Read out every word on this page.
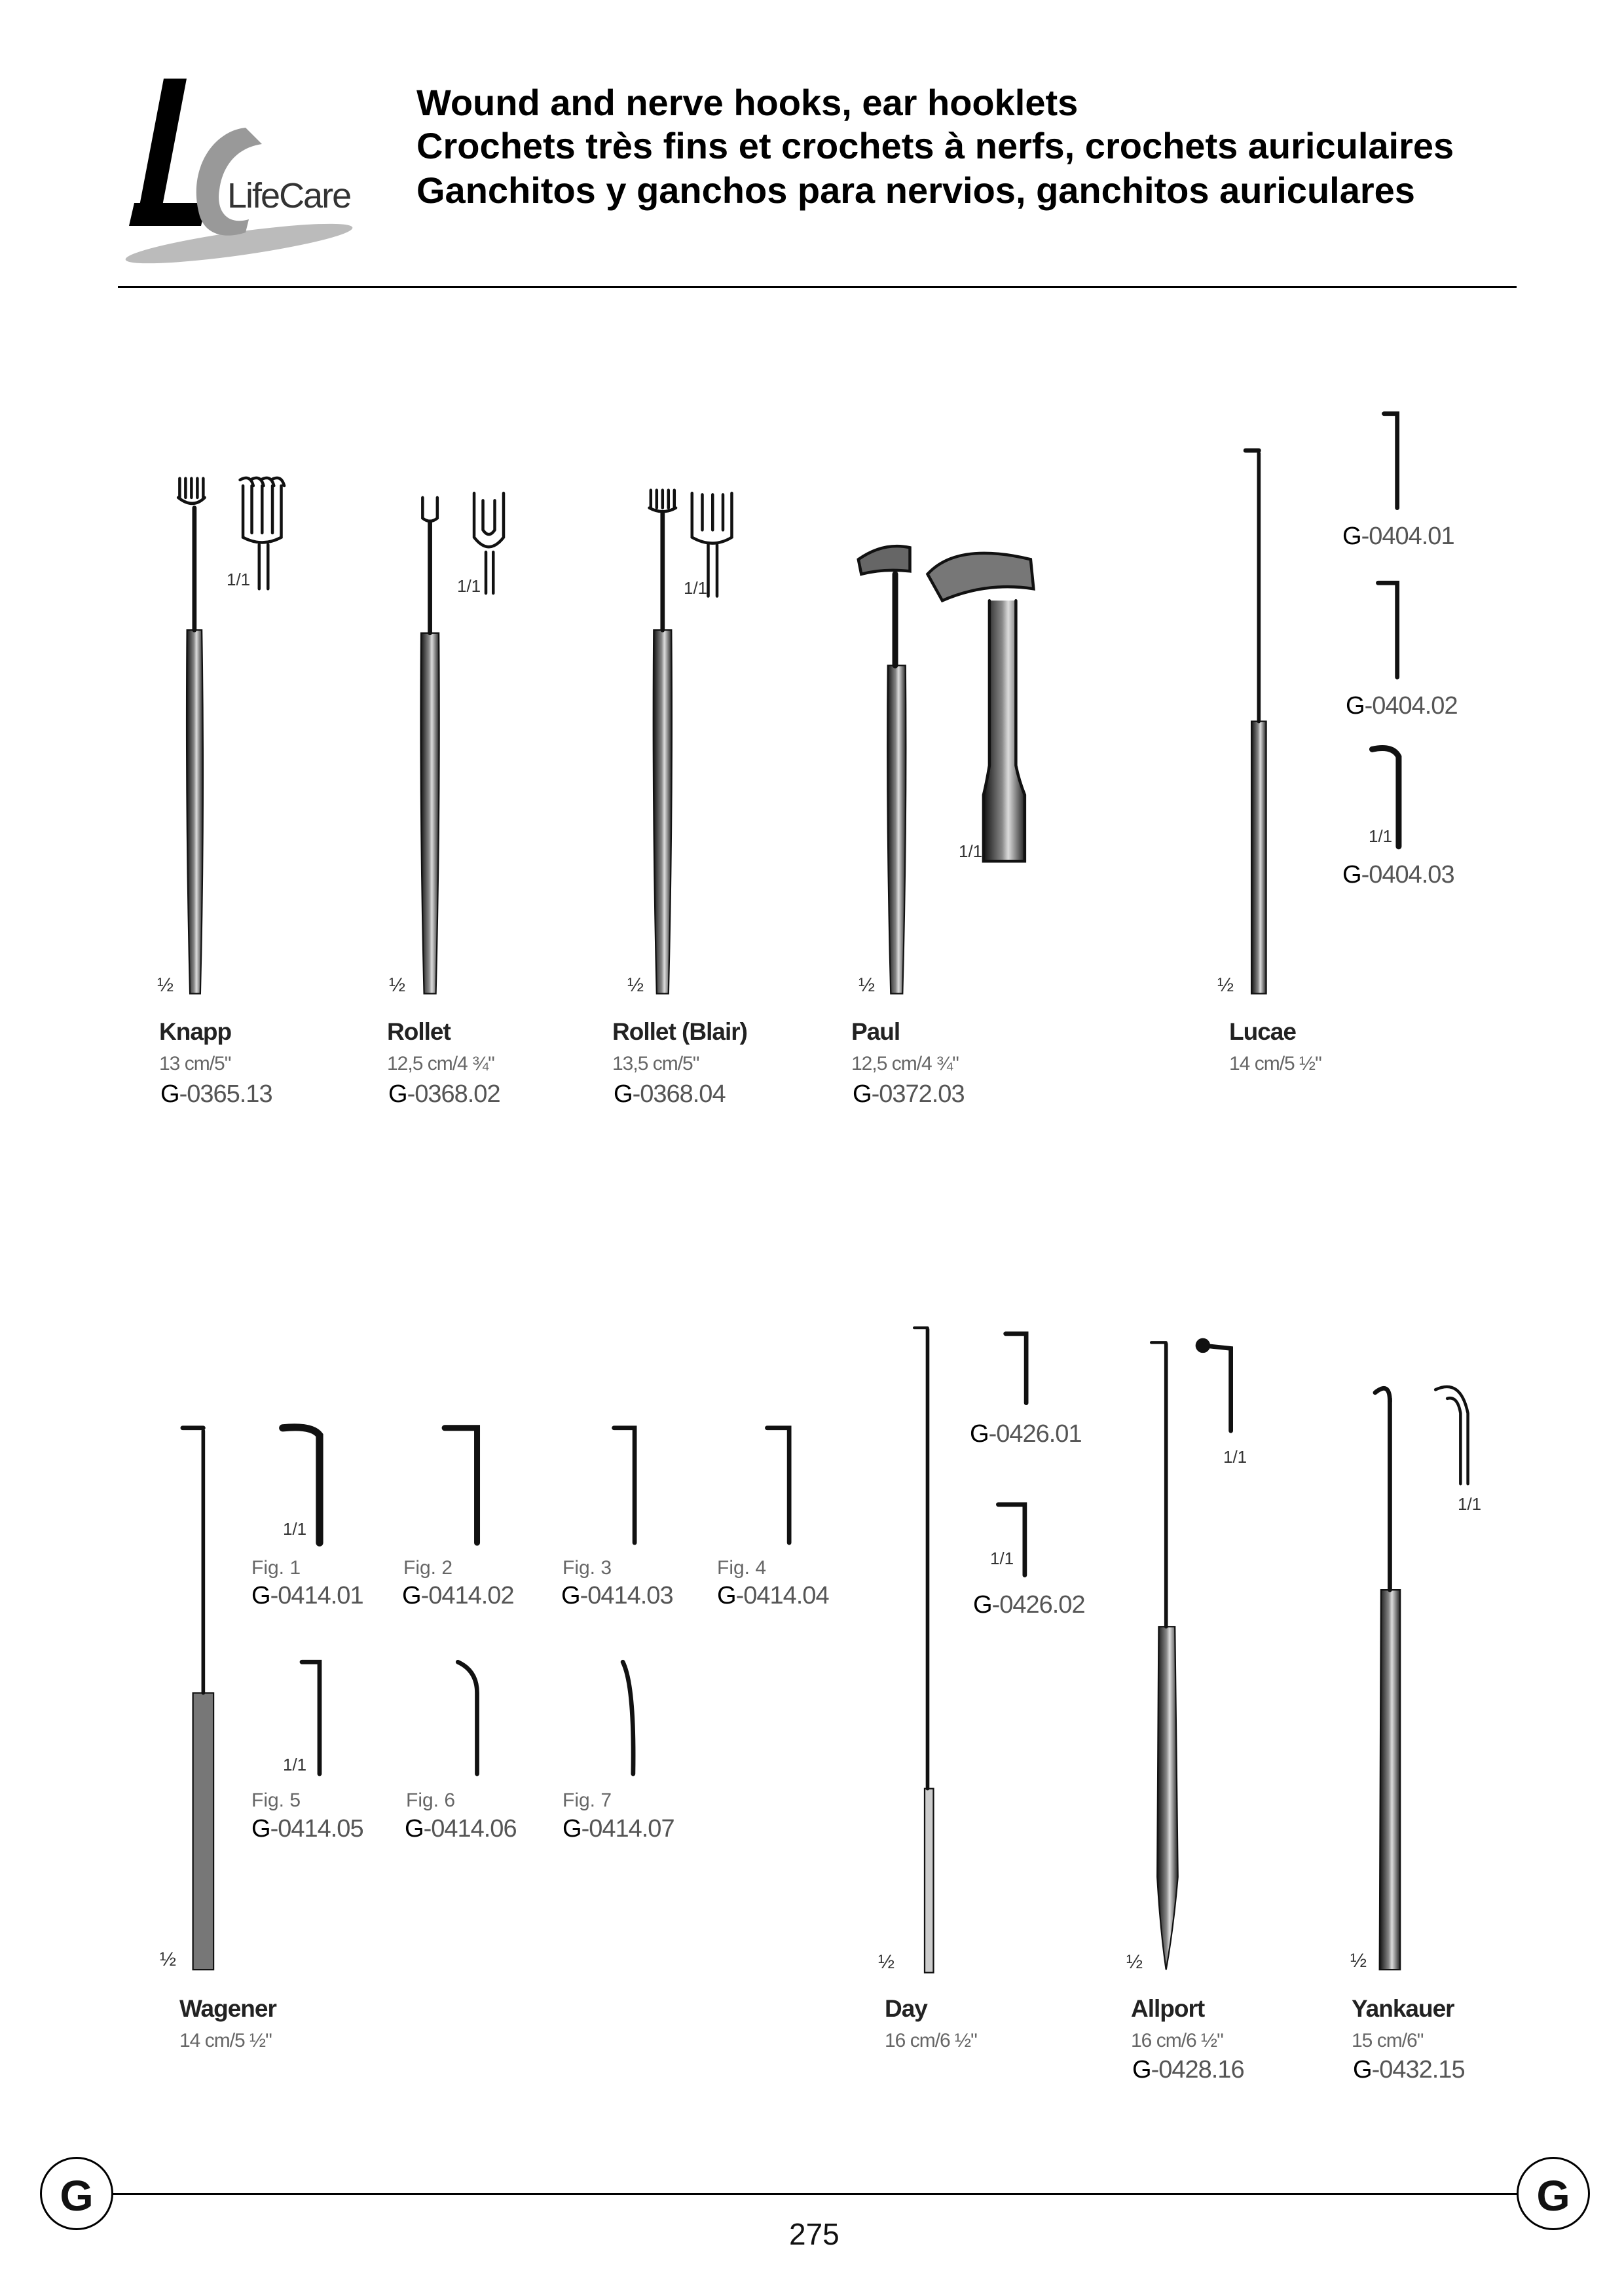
LifeCare
Wound and nerve hooks, ear hooklets
Crochets très fins et crochets à nerfs, crochets auriculaires
Ganchitos y ganchos para nervios, ganchitos auriculares
½	½	½	½	½
1/1	1/1	1/1
1/1
1/1
Knapp
13 cm/5"
G-0365.13
Rollet
12,5 cm/4 ¾"
G-0368.02
Rollet (Blair)
13,5 cm/5"
G-0368.04
Paul
12,5 cm/4 ¾"
G-0372.03
Lucae
14 cm/5 ½"
G-0404.01
G-0404.02
G-0404.03
Fig. 1
G-0414.01
Fig. 2
G-0414.02
Fig. 3
G-0414.03
Fig. 4
G-0414.04
Fig. 5
G-0414.05
Fig. 6
G-0414.06
Fig. 7
G-0414.07
1/1
1/1
G-0426.01
1/1
G-0426.02
1/1
1/1
½	½	½	½
Wagener
14 cm/5 ½"
Day
16 cm/6 ½"
Allport
16 cm/6 ½"
G-0428.16
Yankauer
15 cm/6"
G-0432.15
G	G
275
